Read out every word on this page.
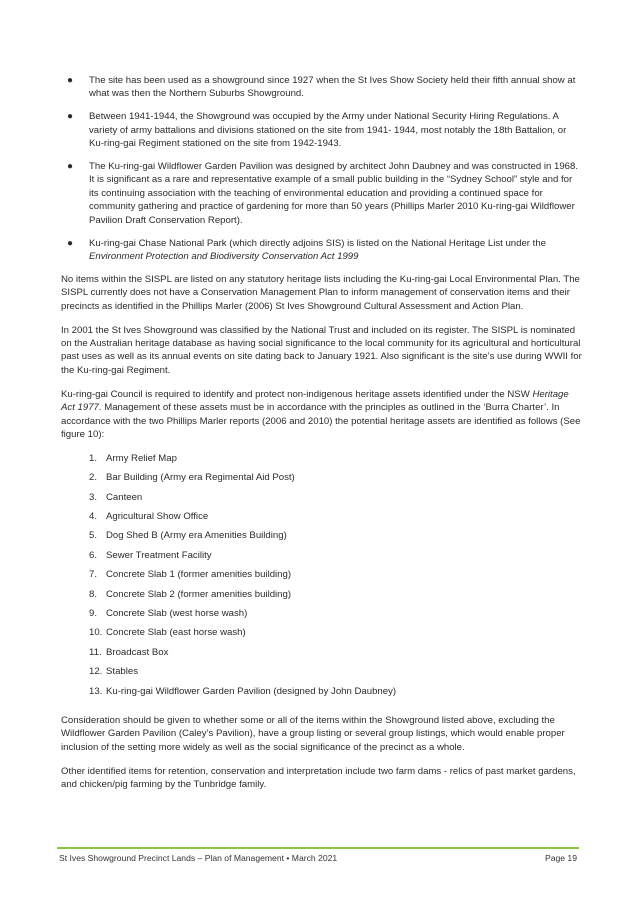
● The site has been used as a showground since 1927 when the St Ives Show Society held their fifth annual show at what was then the Northern Suburbs Showground.
● Between 1941-1944, the Showground was occupied by the Army under National Security Hiring Regulations. A variety of army battalions and divisions stationed on the site from 1941- 1944, most notably the 18th Battalion, or Ku-ring-gai Regiment stationed on the site from 1942-1943.
● The Ku-ring-gai Wildflower Garden Pavilion was designed by architect John Daubney and was constructed in 1968. It is significant as a rare and representative example of a small public building in the “Sydney School” style and for its continuing association with the teaching of environmental education and providing a continued space for community gathering and practice of gardening for more than 50 years (Phillips Marler 2010 Ku-ring-gai Wildflower Pavilion Draft Conservation Report).
● Ku-ring-gai Chase National Park (which directly adjoins SIS) is listed on the National Heritage List under the Environment Protection and Biodiversity Conservation Act 1999

No items within the SISPL are listed on any statutory heritage lists including the Ku-ring-gai Local Environmental Plan. The SISPL currently does not have a Conservation Management Plan to inform management of conservation items and their precincts as identified in the Phillips Marler (2006) St Ives Showground Cultural Assessment and Action Plan.

In 2001 the St Ives Showground was classified by the National Trust and included on its register. The SISPL is nominated on the Australian heritage database as having social significance to the local community for its agricultural and horticultural past uses as well as its annual events on site dating back to January 1921. Also significant is the site’s use during WWII for the Ku-ring-gai Regiment.

Ku-ring-gai Council is required to identify and protect non-indigenous heritage assets identified under the NSW Heritage Act 1977. Management of these assets must be in accordance with the principles as outlined in the ‘Burra Charter’. In accordance with the two Phillips Marler reports (2006 and 2010) the potential heritage assets are identified as follows (See figure 10):

1. Army Relief Map
2. Bar Building (Army era Regimental Aid Post)
3. Canteen
4. Agricultural Show Office
5. Dog Shed B (Army era Amenities Building)
6. Sewer Treatment Facility
7. Concrete Slab 1 (former amenities building)
8. Concrete Slab 2 (former amenities building)
9. Concrete Slab (west horse wash)
10. Concrete Slab (east horse wash)
11. Broadcast Box
12. Stables
13. Ku-ring-gai Wildflower Garden Pavilion (designed by John Daubney)

Consideration should be given to whether some or all of the items within the Showground listed above, excluding the Wildflower Garden Pavilion (Caley’s Pavilion), have a group listing or several group listings, which would enable proper inclusion of the setting more widely as well as the social significance of the precinct as a whole.

Other identified items for retention, conservation and interpretation include two farm dams - relics of past market gardens, and chicken/pig farming by the Tunbridge family.

St Ives Showground Precinct Lands – Plan of Management • March 2021	Page 19
